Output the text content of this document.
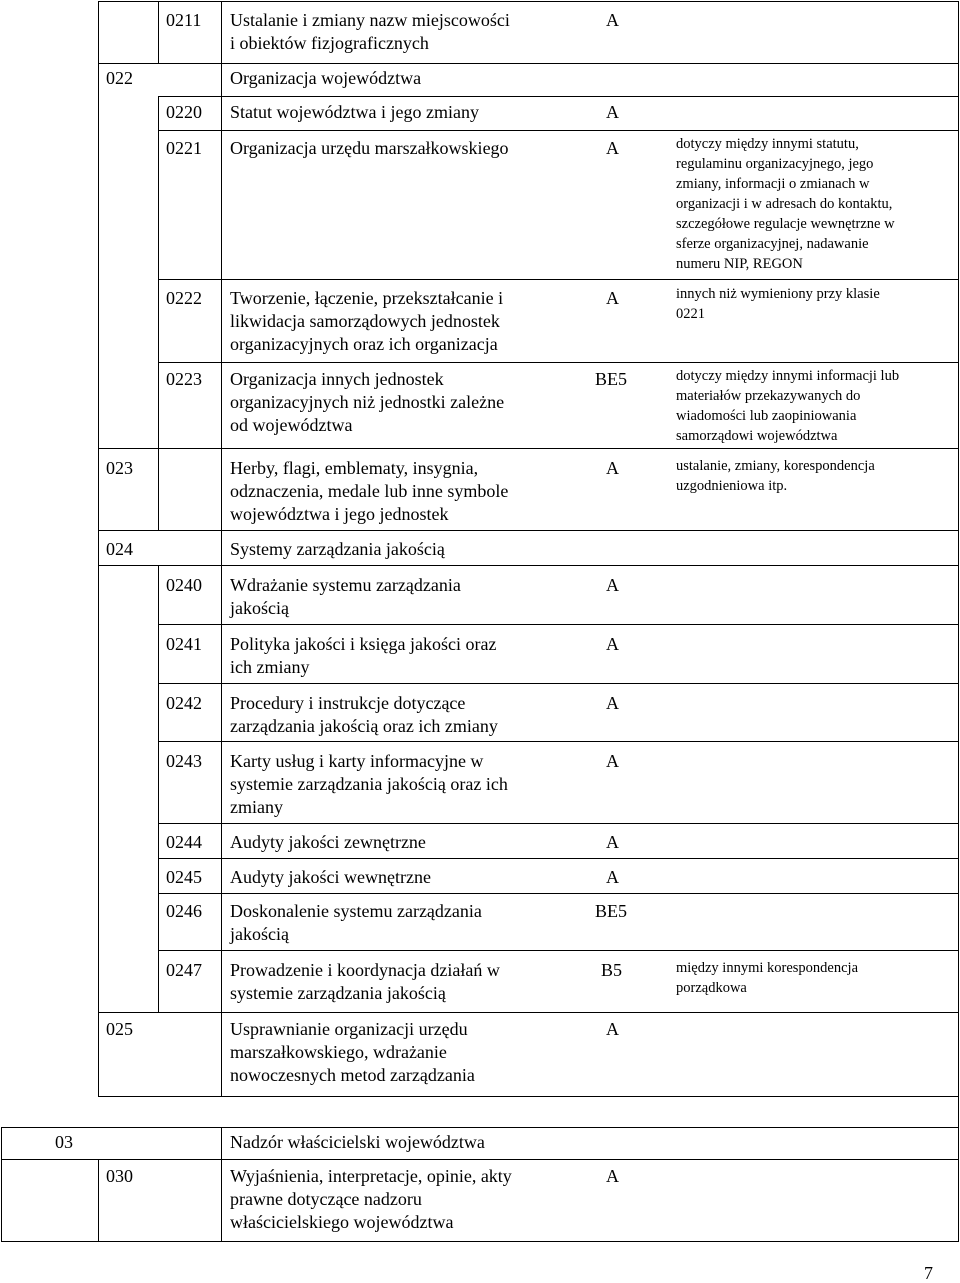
0211 Ustalanie i zmiany nazw miejscowości
i obiektów fizjograficznych
A
022	Organizacja województwa
0220 Statut województwa i jego zmiany	A
0221 Organizacja urzędu marszałkowskiego	A	dotyczy między innymi statutu,
regulaminu organizacyjnego, jego
zmiany, informacji o zmianach w
organizacji i w adresach do kontaktu,
szczegółowe regulacje wewnętrzne w
sferze organizacyjnej, nadawanie
numeru NIP, REGON
0222 Tworzenie, łączenie, przekształcanie i
likwidacja samorządowych jednostek
organizacyjnych oraz ich organizacja
A	innych niż wymieniony przy klasie
0221
0223 Organizacja innych jednostek
organizacyjnych niż jednostki zależne
od województwa
BE5	dotyczy między innymi informacji lub
materiałów przekazywanych do
wiadomości lub zaopiniowania
samorządowi województwa
023	Herby, flagi, emblematy, insygnia,
odznaczenia, medale lub inne symbole
województwa i jego jednostek
A	ustalanie, zmiany, korespondencja
uzgodnieniowa itp.
024	Systemy zarządzania jakością
0240 Wdrażanie systemu zarządzania
jakością
A
0241 Polityka jakości i księga jakości oraz
ich zmiany
A
0242 Procedury i instrukcje dotyczące
zarządzania jakością oraz ich zmiany
A
0243 Karty usług i karty informacyjne w
systemie zarządzania jakością oraz ich
zmiany
A
0244 Audyty jakości zewnętrzne	A
0245 Audyty jakości wewnętrzne	A
0246 Doskonalenie systemu zarządzania
jakością
BE5
0247 Prowadzenie i koordynacja działań w
systemie zarządzania jakością
B5	między innymi korespondencja
porządkowa
025	Usprawnianie organizacji urzędu
marszałkowskiego, wdrażanie
nowoczesnych metod zarządzania
A
03	Nadzór właścicielski województwa
030	Wyjaśnienia, interpretacje, opinie, akty
prawne dotyczące nadzoru
właścicielskiego województwa
A
7
